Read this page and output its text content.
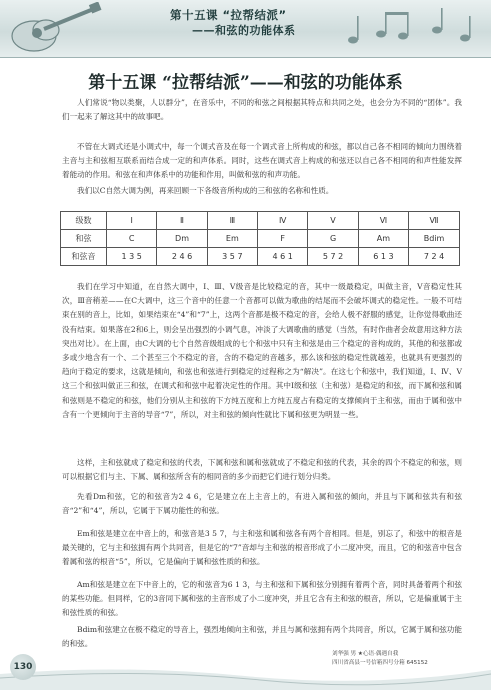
第十五课 “拉帮结派”
——和弦的功能体系
第十五课 “拉帮结派”——和弦的功能体系

人们常说“物以类聚，人以群分”，在音乐中，不同的和弦之间根据其特点和共同之处，也会分为不同的“团体”。我们一起来了解这其中的故事吧。

不管在大调式还是小调式中，每一个调式音及在每一个调式音上所构成的和弦，都以自己各不相同的倾向力围绕着主音与主和弦相互联系而结合成一定的和声体系。同时，这些在调式音上构成的和弦还以自己各不相同的和声性能发挥着能动的作用。和弦在和声体系中的功能和作用，叫做和弦的和声功能。

我们以C自然大调为例，再来回顾一下各级音所构成的三和弦的名称和性质。

级数	Ⅰ	Ⅱ	Ⅲ	Ⅳ	Ⅴ	Ⅵ	Ⅶ
和弦	C	Dm	Em	F	G	Am	Bdim
和弦音	1 3 5	2 4 6	3 5 7	4 6 1	5 7 2	6 1 3	7 2 4

我们在学习中知道，在自然大调中，Ⅰ、Ⅲ、Ⅴ级音是比较稳定的音，其中一级最稳定，叫做主音，Ⅴ音稳定性其次，Ⅲ音稍差——在C大调中，这三个音中的任意一个音都可以做为歌曲的结尾而不会破坏调式的稳定性。一般不可结束在别的音上，比如，如果结束在“4”和“7”上，这两个音都是极不稳定的音，会给人极不舒服的感觉，让你觉得歌曲还没有结束。如果落在2和6上，则会呈出强烈的小调气息，冲淡了大调歌曲的感觉（当然，有时作曲者会故意用这种方法突出对比）。在上面，由C大调的七个自然音级组成的七个和弦中只有主和弦是由三个稳定的音构成的，其他的和弦都或多或少地含有一个、二个甚至三个不稳定的音，含的不稳定的音越多，那么该和弦的稳定性就越差，也就具有更强烈的趋向于稳定的要求，这就是倾向，和弦也和弦进行到稳定的过程称之为“解决”。在这七个和弦中，我们知道，Ⅰ、Ⅳ、Ⅴ这三个和弦叫做正三和弦，在调式和和弦中起着决定性的作用。其中Ⅰ级和弦（主和弦）是稳定的和弦，而下属和弦和属和弦则是不稳定的和弦，他们分别从主和弦的下方纯五度和上方纯五度占有稳定的支撑倾向于主和弦，而由于属和弦中含有一个更倾向于主音的导音“7”，所以，对主和弦的倾向性就比下属和弦更为明显一些。

这样，主和弦就成了稳定和弦的代表，下属和弦和属和弦就成了不稳定和弦的代表，其余的四个不稳定的和弦，则可以根据它们与主、下属、属和弦所含有的相同音的多少而把它们进行划分归类。

先看Dm和弦，它的和弦音为2 4 6，它是建立在上主音上的，有进入属和弦的倾向，并且与下属和弦共有和弦音“2”和“4”，所以，它属于下属功能性的和弦。

Em和弦是建立在中音上的，和弦音是3 5 7，与主和弦和属和弦各有两个音相同。但是，别忘了，和弦中的根音是最关键的，它与主和弦拥有两个共同音，但是它的“7”音却与主和弦的根音形成了小二度冲突，而且，它的和弦音中包含着属和弦的根音“5”，所以，它是偏向于属和弦性质的和弦。

Am和弦是建立在下中音上的，它的和弦音为6 1 3，与主和弦和下属和弦分别拥有着两个音，同时具备着两个和弦的某些功能。但同样，它的3音同下属和弦的主音形成了小二度冲突，并且它含有主和弦的根音，所以，它是偏重属于主和弦性质的和弦。

Bdim和弦建立在极不稳定的导音上，强烈地倾向主和弦，并且与属和弦拥有两个共同音，所以，它属于属和弦功能的和弦。

130
刘华强 男 ★心语·偶遇自我
四川省高县一号信箱四号分箱 645152
